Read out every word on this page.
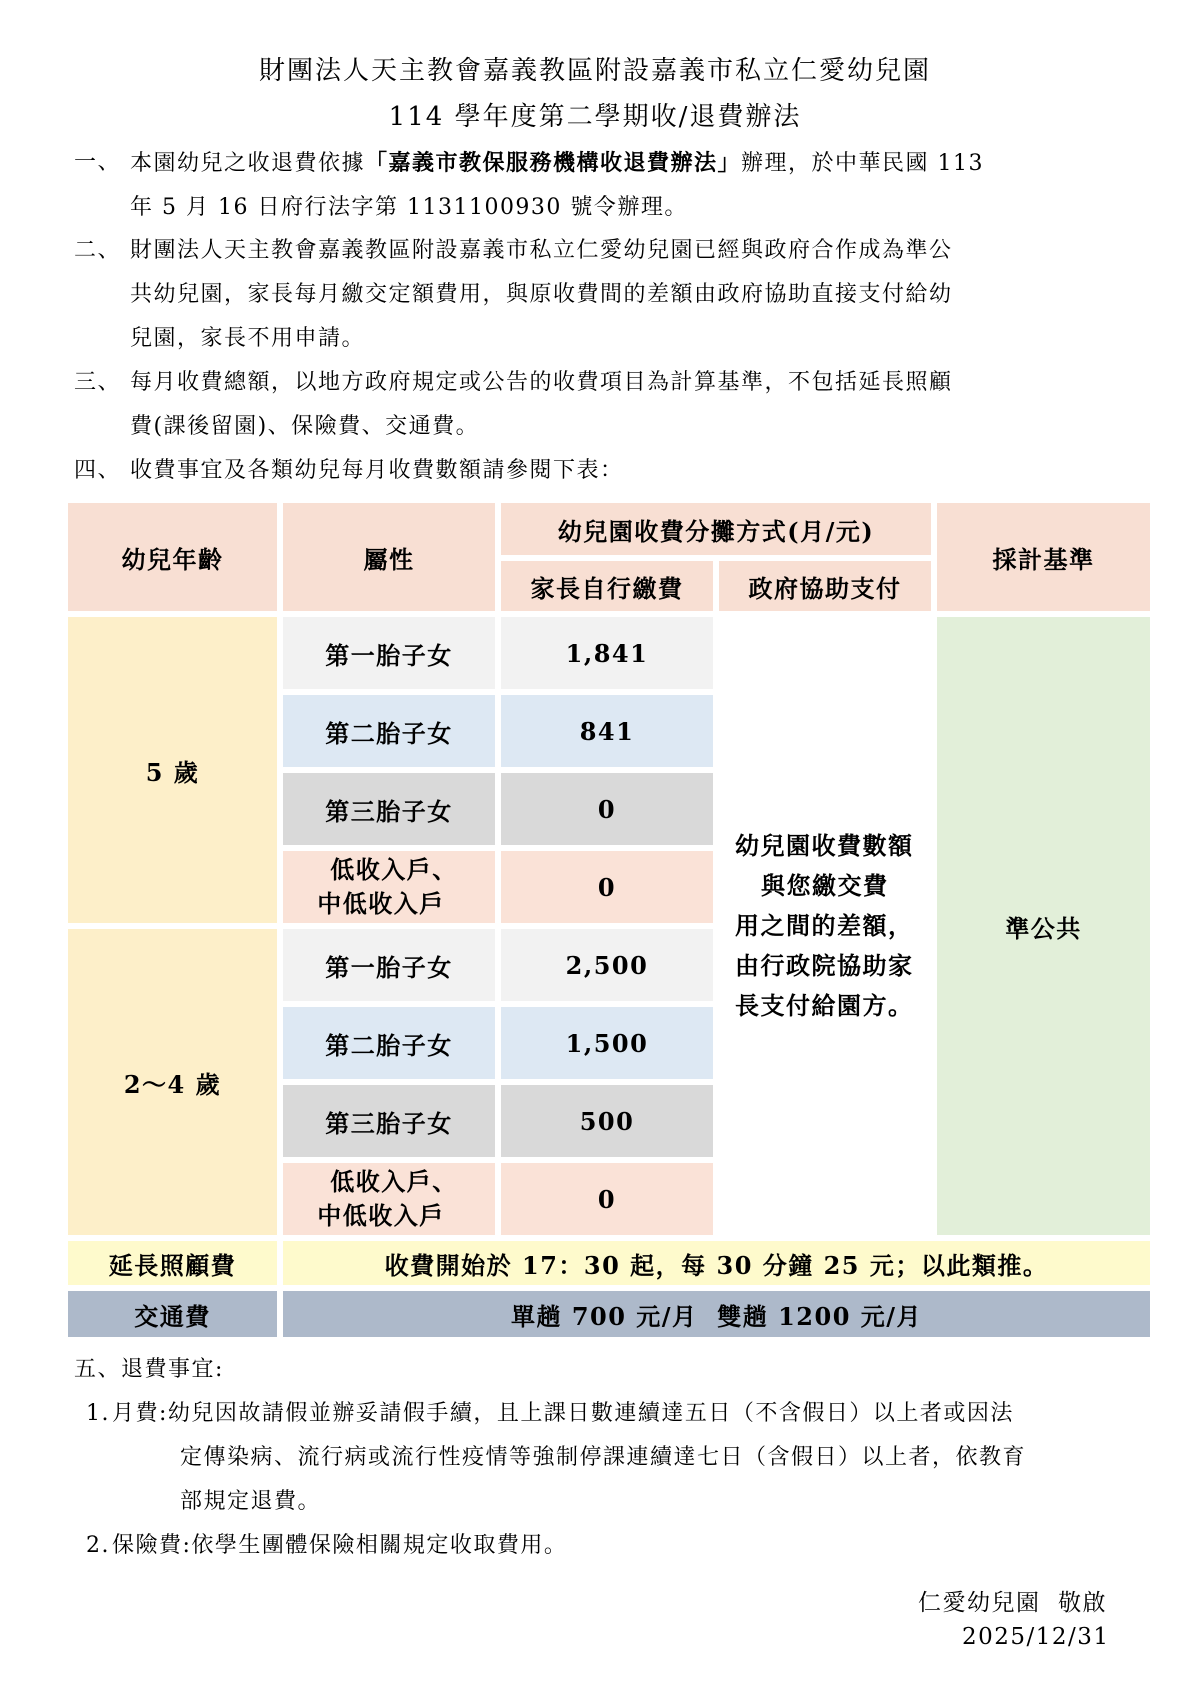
財團法人天主教會嘉義教區附設嘉義市私立仁愛幼兒園
114 學年度第二學期收/退費辦法
一、 本園幼兒之收退費依據「嘉義市教保服務機構收退費辦法」辦理，於中華民國 113
年 5 月 16 日府行法字第 1131100930 號令辦理。
二、 財團法人天主教會嘉義教區附設嘉義市私立仁愛幼兒園已經與政府合作成為準公
共幼兒園，家長每月繳交定額費用，與原收費間的差額由政府協助直接支付給幼
兒園，家長不用申請。
三、 每月收費總額，以地方政府規定或公告的收費項目為計算基準，不包括延長照顧
費(課後留園)、保險費、交通費。
四、 收費事宜及各類幼兒每月收費數額請參閱下表：
幼兒年齡	屬性	幼兒園收費分攤方式(月/元)		採計基準
		家長自行繳費	政府協助支付	
5 歲	第一胎子女	1,841	幼兒園收費數額
與您繳交費
用之間的差額，
由行政院協助家
長支付給園方。	準公共
	第二胎子女	841		
	第三胎子女	0		

	低收入戶、
中低收入戶	0		
2～4 歲	第一胎子女	2,500		
	第二胎子女	1,500		
	第三胎子女	500		

	低收入戶、
中低收入戶	0		
延長照顧費	收費開始於 17：30 起，每 30 分鐘 25 元；以此類推。			
交通費	單趟 700 元/月  雙趟 1200 元/月			
五、退費事宜:
1. 月費:幼兒因故請假並辦妥請假手續，且上課日數連續達五日（不含假日）以上者或因法
定傳染病、流行病或流行性疫情等強制停課連續達七日（含假日）以上者，依教育
部規定退費。
2. 保險費:依學生團體保險相關規定收取費用。
仁愛幼兒園  敬啟
2025/12/31
